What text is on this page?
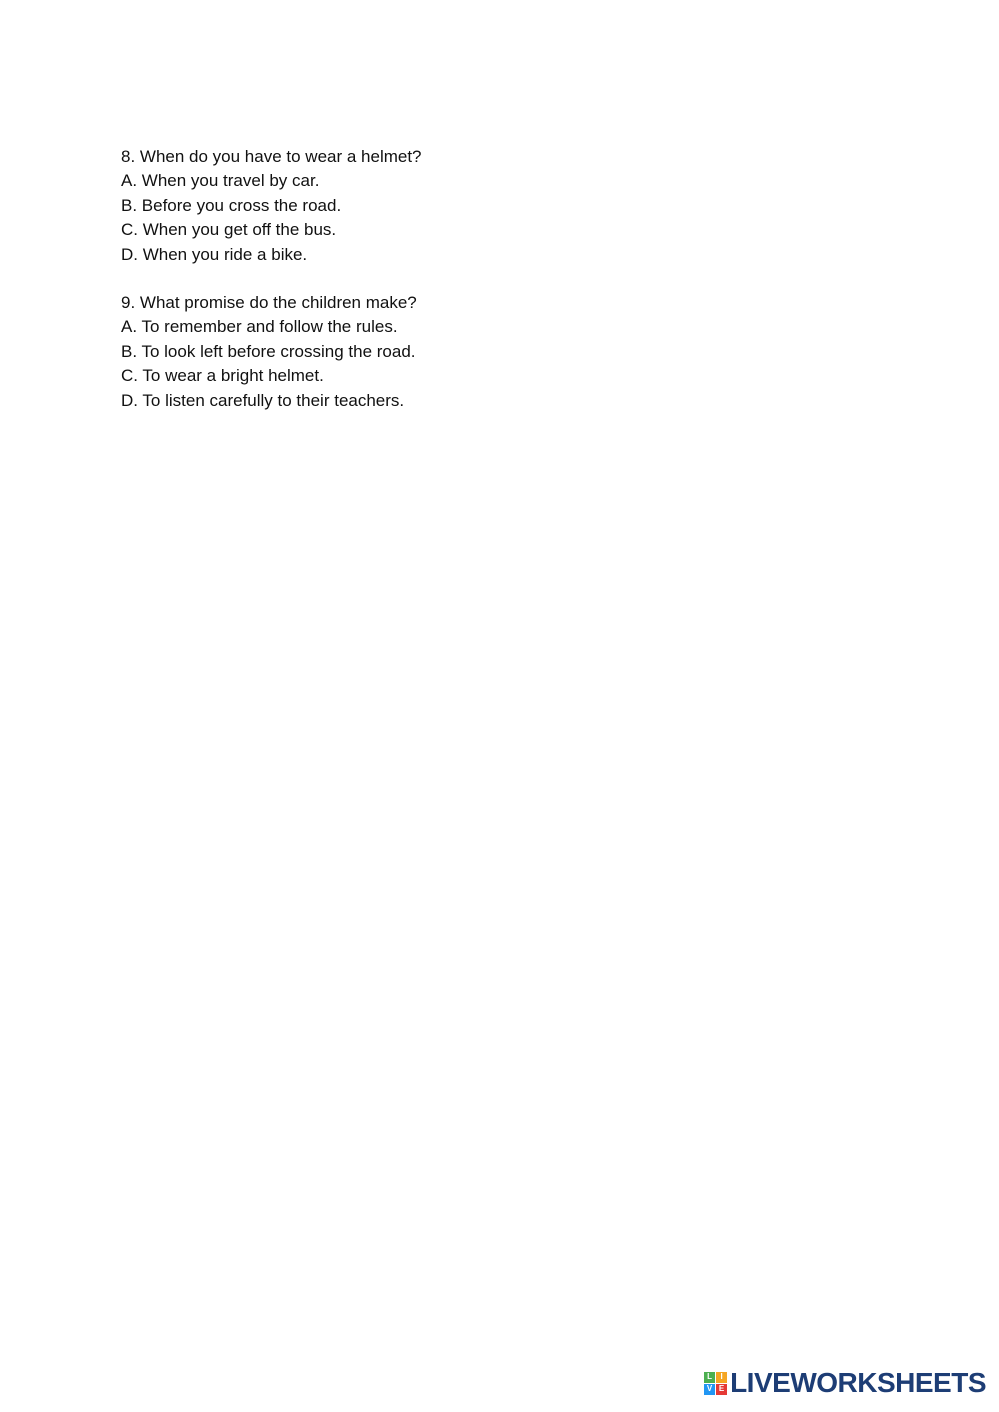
8. When do you have to wear a helmet?
A. When you travel by car.
B. Before you cross the road.
C. When you get off the bus.
D. When you ride a bike.
9. What promise do the children make?
A. To remember and follow the rules.
B. To look left before crossing the road.
C. To wear a bright helmet.
D. To listen carefully to their teachers.
L	I
V E LIVEWORKSHEETS
